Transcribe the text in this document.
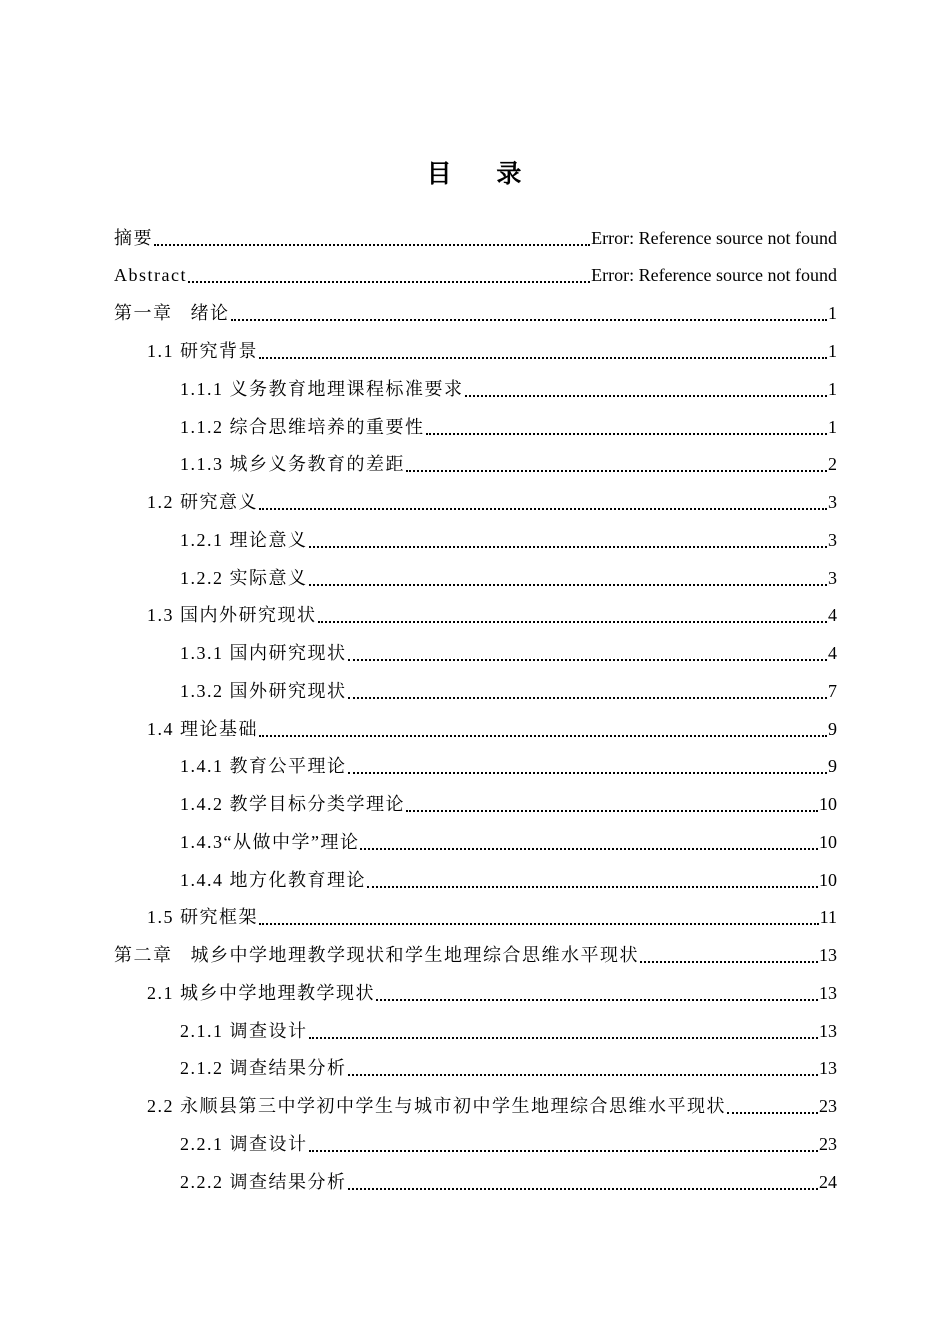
目    录
摘要	Error: Reference source not found
Abstract	Error: Reference source not found
第一章   绪论	1
1.1 研究背景	1
1.1.1 义务教育地理课程标准要求	1
1.1.2 综合思维培养的重要性	1
1.1.3 城乡义务教育的差距	2
1.2 研究意义	3
1.2.1 理论意义	3
1.2.2 实际意义	3
1.3 国内外研究现状	4
1.3.1 国内研究现状	4
1.3.2 国外研究现状	7
1.4 理论基础	9
1.4.1 教育公平理论	9
1.4.2 教学目标分类学理论	10
1.4.3“从做中学”理论	10
1.4.4 地方化教育理论	10
1.5 研究框架	11
第二章   城乡中学地理教学现状和学生地理综合思维水平现状	13
2.1 城乡中学地理教学现状	13
2.1.1 调查设计	13
2.1.2 调查结果分析	13
2.2 永顺县第三中学初中学生与城市初中学生地理综合思维水平现状	23
2.2.1 调查设计	23
2.2.2 调查结果分析	24
